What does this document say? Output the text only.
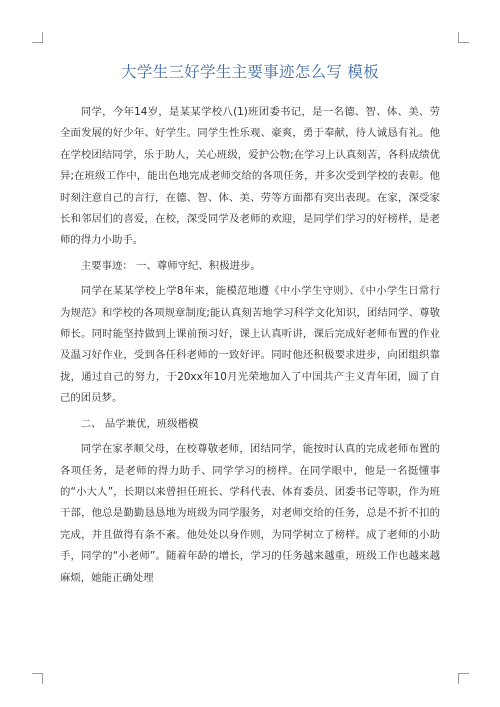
大学生三好学生主要事迹怎么写 模板

同学，今年14岁，是某某学校八(1)班团委书记，是一名德、智、体、美、劳全面发展的好少年、好学生。同学生性乐观、豪爽，勇于奉献，待人诚恳有礼。他在学校团结同学，乐于助人，关心班级，爱护公物;在学习上认真刻苦，各科成绩优异;在班级工作中，能出色地完成老师交给的各项任务，并多次受到学校的表彰。他时刻注意自己的言行，在德、智、体、美、劳等方面都有突出表现。在家，深受家长和邻居们的喜爱，在校，深受同学及老师的欢迎，是同学们学习的好榜样，是老师的得力小助手。

主要事迹： 一、尊师守纪、积极进步。

同学在某某学校上学8年来，能模范地遵《中小学生守则》、《中小学生日常行为规范》和学校的各项规章制度;能认真刻苦地学习科学文化知识，团结同学、尊敬师长。同时能坚持做到上课前预习好，课上认真听讲，课后完成好老师布置的作业及温习好作业，受到各任科老师的一致好评。同时他还积极要求进步，向团组织靠拢，通过自己的努力，于20xx年10月光荣地加入了中国共产主义青年团，圆了自己的团员梦。

二、 品学兼优，班级楷模

同学在家孝顺父母，在校尊敬老师，团结同学，能按时认真的完成老师布置的各项任务，是老师的得力助手、同学学习的榜样。在同学眼中，他是一名挺懂事的“小大人”，长期以来曾担任班长、学科代表、体育委员、团委书记等职，作为班干部，他总是勤勤恳恳地为班级为同学服务，对老师交给的任务，总是不折不扣的完成，并且做得有条不紊。他处处以身作则，为同学树立了榜样。成了老师的小助手，同学的“小老师”。随着年龄的增长，学习的任务越来越重，班级工作也越来越麻烦，她能正确处理
